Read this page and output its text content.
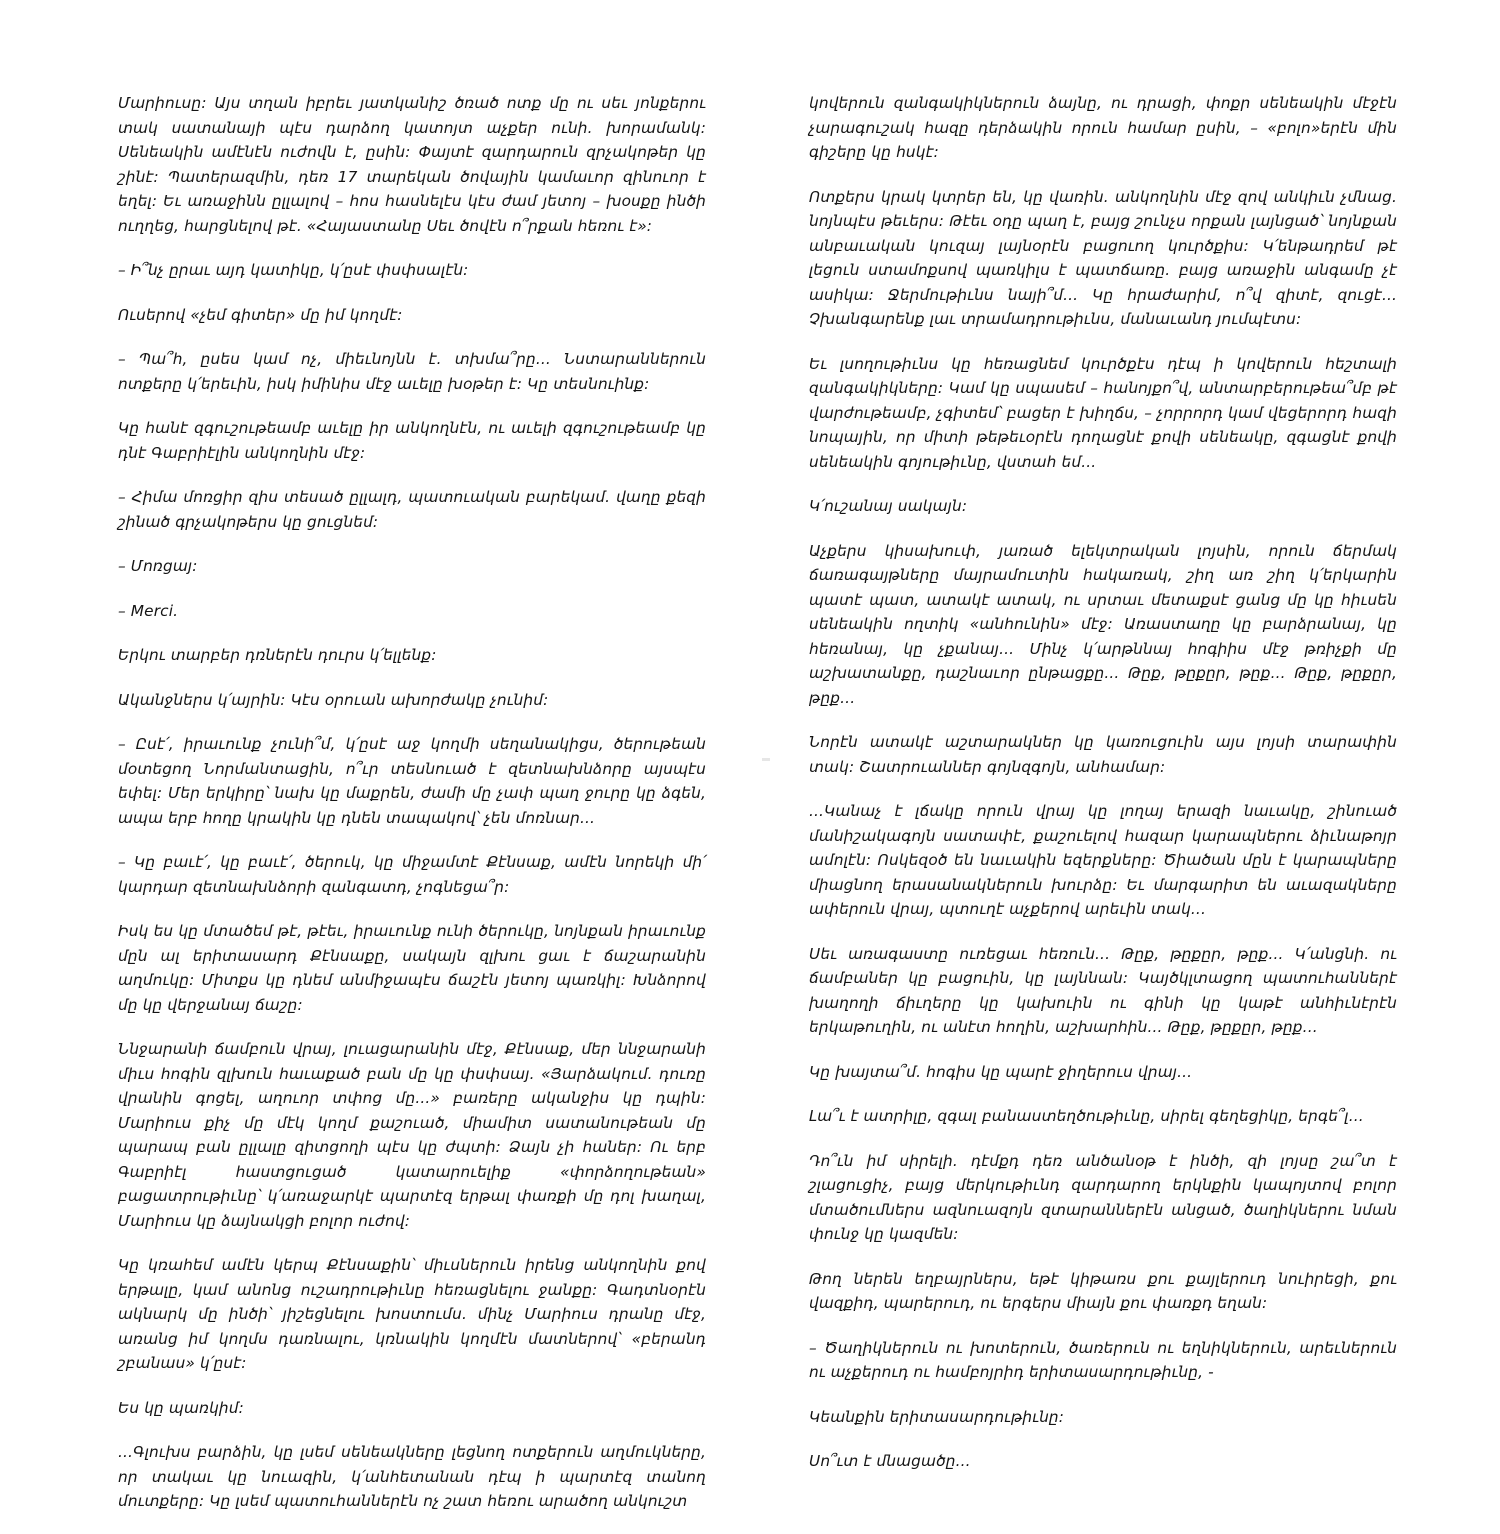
Մարիուսը: Այս տղան իբրեւ յատկանիշ ծռած ոտք մը ու սեւ յոնքերու տակ սատանայի պէս դարձող կատոյտ աչքեր ունի. խորամանկ: Սենեակին ամէնէն ուժովն է, ըսին: Փայտէ զարդարուն զրչակոթեր կը շինէ: Պատերազմին, դեռ 17 տարեկան ծովային կամաւոր զինուոր է եղել: Եւ առաջինն ըլլալով – hոս hասնելէս կէս ժամ յետոյ – խօսքը ինծի ուղղեց, hարցնելով թէ. «Հայաստանը Սեւ ծովէն ո՞րքան hեռու է»:

– Ի՞նչ ըրաւ այդ կատիկը, կ՛ըսէ փսփսալէն:

Ուսերով «չեմ գիտեր» մը իմ կողմէ:

– Պա՞հ, ըսես կամ ոչ, միեւնոյնն է. տխմա՞րը... Նստարաններուն ոտքերը կ՛երեւին, իսկ իմինիս մէջ աւելը խօթեր է: Կը տեսնուինք:

Կը hանէ զգուշութեամբ աւելը իր անկողնէն, ու աւելի զգուշութեամբ կը դնէ Գաբրիէլին անկողնին մէջ:

– Հիմա մոռցիր զիս տեսած ըլլալդ, պատուական բարեկամ. վաղը քեզի շինած գրչակոթերս կը ցուցնեմ:

– Մոռցայ:

– Merci.

Երկու տարբեր դռներէն դուրս կ՛ելլենք:

Ականջներս կ՛այրին: Կէս օրուան ախորժակը չունիմ:

– Ըսէ՛, իրաւունք չունի՞մ, կ՛ըսէ աջ կողմի սեղանակիցս, ծերութեան մօտեցող Նորմանտացին, ո՞ւր տեսնուած է զետնախնձորը այսպէս եփել: Մեր երկիրը՝ նախ կը մաքրեն, ժամի մը չափ պաղ ջուրը կը ձգեն, ապա երբ հողը կրակին կը դնեն տապակով՝ չեն մոռնար...

– Կը բաւէ՛, կը բաւէ՛, ծերուկ, կը միջամտէ Քէնսաք, ամէն նորեկի մի՛ կարդար զետնախնձորի զանգատդ, չոգնեցա՞ր:

Իսկ ես կը մտածեմ թէ, թէեւ, իրաւունք ունի ծերուկը, նոյնքան իրաւունք մըն ալ երիտասարդ Քէնսաքը, սակայն զլխու ցաւ է ճաշարանին աղմուկը: Միտքս կը դնեմ անմիջապէս ճաշէն յետոյ պառկիլ: Խնձորով մը կը վերջանայ ճաշը:

Ննջարանի ճամբուն վրայ, լուացարանին մէջ, Քէնսաք, մեր ննջարանի միւս հոգին զլխուն hաւաքած բան մը կը փսփսայ. «Յարձակում. դուռը վրանին գոցել, աղուոր տփոց մը...» բառերը ականջիս կը դպին: Մարիուս քիչ մը մէկ կողմ քաշուած, միամիտ սատանութեան մը պարապ բան ըլլալը զիտցողի պէս կը ժպտի: Ձայն չի hաներ: Ու երբ Գաբրիէլ hաստցուցած կատարուելիք «փորձողութեան» բացատրութիւնը՝ կ՛առաջարկէ պարտէզ երթալ փառքի մը դոլ խաղալ, Մարիուս կը ձայնակցի բոլոր ուժով:

Կը կռահեմ ամէն կերպ Քէնսաքին՝ միւսներուն իրենց անկողնին քով երթալը, կամ անոնց ուշադրութիւնը hեռացնելու ջանքը: Գադտնօրէն ակնարկ մը ինծի՝ յիշեցնելու խոստումս. մինչ Մարիուս դրանը մէջ, առանց իմ կողմս դառնալու, կռնակին կողմէն մատներով՝ «բերանդ շբանաս» կ՛ըսէ:

Ես կը պառկիմ:

...Գլուխս բարձին, կը լսեմ սենեակները լեցնող ոտքերուն աղմուկները, որ տակաւ կը նուազին, կ՛անհետանան դէպ ի պարտէզ տանող մուտքերը: Կը լսեմ պատուհաններէն ոչ շատ hեռու արածող անկուշտ

կովերուն զանգակիկներուն ձայնը, ու դրացի, փոքր սենեակին մէջէն չարագուշակ hազը դերձակին որուն hամար ըսին, – «բոլո»երէն մին գիշերը կը hսկէ:

Ոտքերս կրակ կտրեր են, կը վառին. անկողնին մէջ զով անկիւն չմնաց. նոյնպէս թեւերս: Թէեւ օդը պաղ է, բայց շունչս որքան լայնցած՝ նոյնքան անբաւական կուզայ լայնօրէն բացուող կուրծքիս: Կ՛ենթադրեմ թէ լեցուն ստամոքսով պառկիլս է պատճառը. բայց առաջին անգամը չէ ասիկա: Ջերմութիւնս նայի՞մ... Կը հրաժարիմ, ո՞վ զիտէ, զուցէ... Չխանգարենք լաւ տրամադրութիւնս, մանաւանդ յումպէտս:

Եւ լսողութիւնս կը hեռացնեմ կուրծքէս դէպ ի կովերուն hեշտալի զանգակիկները: Կամ կը սպասեմ – hանոյքո՞վ, անտարբերութեա՞մբ թէ վարժութեամբ, չգիտեմ՝ բացեր է խիղճս, – չորրորդ կամ վեցերորդ hազի նոպային, որ միտի թեթեւօրէն դողացնէ քովի սենեակը, զգացնէ քովի սենեակին գոյութիւնը, վստահ եմ...

Կ՛ուշանայ սակայն:

Աչքերս կիսախուփ, յառած ելեկտրական լոյսին, որուն ճերմակ ճառագայթները մայրամուտին hակառակ, շիղ առ շիղ կ՛երկարին պատէ պատ, ատակէ ատակ, ու սրտաւ մետաքսէ ցանց մը կը հիւսեն սենեակին ողտիկ «անհունին» մէջ: Առաստաղը կը բարձրանայ, կը հեռանայ, կը չքանայ... Մինչ կ՛արթննայ hոգիիս մէջ թռիչքի մը աշխատանքը, դաշնաւոր ընթացքը... Թըք, թըքըր, թըք... Թըք, թըքըր, թըք...

Նորէն ատակէ աշտարակներ կը կառուցուին այս լոյսի տարափին տակ: Շատրուաններ գոյնզգոյն, անհամար:

...Կանաչ է լճակը որուն վրայ կը լողայ երազի նաւակը, շինուած մանիշակագոյն սատափէ, քաշուելով hազար կարապներու ձիւնաթոյր ամոլէն: Ոսկեզօծ են նաւակին եզերքները: Ծիածան մըն է կարապները միացնող երասանակներուն խուրձը: Եւ մարգարիտ են աւազակները ափերուն վրայ, պտուղէ աչքերով արեւին տակ...

Սեւ առագաստը ուռեցաւ hեռուն... Թըք, թըքըր, թըք... Կ՛անցնի. ու ճամբաներ կը բացուին, կը լայննան: Կայծկլտացող պատուհաններէ խաղողի ճիւղերը կը կախուին ու գինի կը կաթէ անհիւնէրէն երկաթուղին, ու անէտ hողին, աշխարհին... Թըք, թըքըր, թըք...

Կը խայտա՞մ. hոգիս կը պարէ ջիղերուս վրայ...

Լա՞ւ է ատրիլը, զգալ բանաստեղծութիւնը, սիրել գեղեցիկը, երգե՞լ...

Դո՞ւն իմ սիրելի. դէմքդ դեռ անծանօթ է ինծի, զի լոյսը շա՞տ է շլացուցիչ, բայց մերկութիւնդ զարդարող երկնքին կապոյտով բոլոր մտածումներս ազնուազոյն զտարաններէն անցած, ծաղիկներու նման փունջ կը կազմեն:

Թող ներեն եղբայրներս, եթէ կիթառս քու քայլերուդ նուիրեցի, քու վազքիդ, պարերուդ, ու երգերս միայն քու փառքդ եղան:

– Ծաղիկներուն ու խոտերուն, ծառերուն ու եղնիկներուն, արեւներուն ու աչքերուդ ու hամբոյրիդ երիտասարդութիւնը, -

Կեանքին երիտասարդութիւնը:

Սո՞ւտ է մնացածը...
